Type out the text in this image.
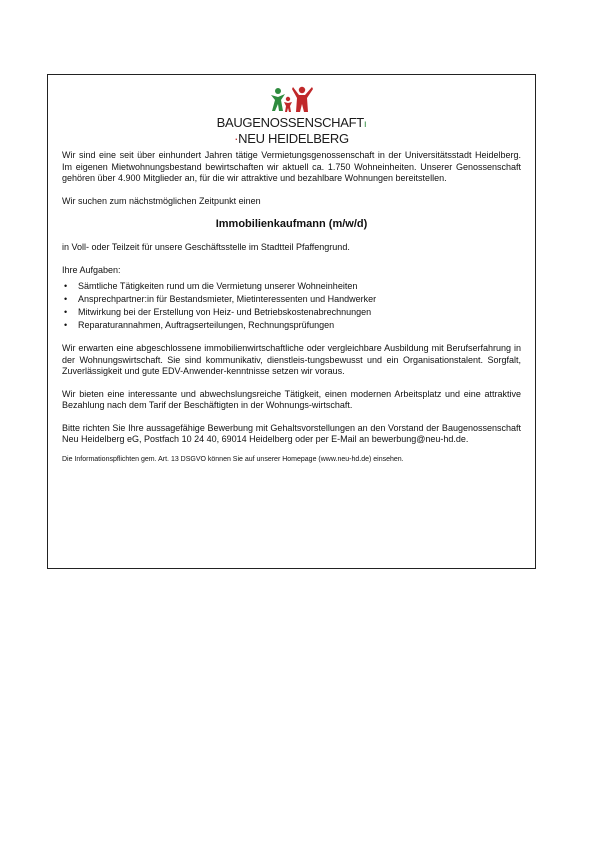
BAUGENOSSENSCHAFTı
·NEU HEIDELBERG

Wir sind eine seit über einhundert Jahren tätige Vermietungsgenossenschaft in der Universitätsstadt Heidelberg. Im eigenen Mietwohnungsbestand bewirtschaften wir aktuell ca. 1.750 Wohneinheiten. Unserer Genossenschaft gehören über 4.900 Mitglieder an, für die wir attraktive und bezahlbare Wohnungen bereitstellen.

Wir suchen zum nächstmöglichen Zeitpunkt einen

Immobilienkaufmann (m/w/d)

in Voll- oder Teilzeit für unsere Geschäftsstelle im Stadtteil Pfaffengrund.

Ihre Aufgaben:

• Sämtliche Tätigkeiten rund um die Vermietung unserer Wohneinheiten
• Ansprechpartner:in für Bestandsmieter, Mietinteressenten und Handwerker
• Mitwirkung bei der Erstellung von Heiz- und Betriebskostenabrechnungen
• Reparaturannahmen, Auftragserteilungen, Rechnungsprüfungen

Wir erwarten eine abgeschlossene immobilienwirtschaftliche oder vergleichbare Ausbildung mit Berufserfahrung in der Wohnungswirtschaft. Sie sind kommunikativ, dienstleis-tungsbewusst und ein Organisationstalent. Sorgfalt, Zuverlässigkeit und gute EDV-Anwender-kenntnisse setzen wir voraus.

Wir bieten eine interessante und abwechslungsreiche Tätigkeit, einen modernen Arbeitsplatz und eine attraktive Bezahlung nach dem Tarif der Beschäftigten in der Wohnungs-wirtschaft.

Bitte richten Sie Ihre aussagefähige Bewerbung mit Gehaltsvorstellungen an den Vorstand der Baugenossenschaft Neu Heidelberg eG, Postfach 10 24 40, 69014 Heidelberg oder per E-Mail an bewerbung@neu-hd.de.

Die Informationspflichten gem. Art. 13 DSGVO können Sie auf unserer Homepage (www.neu-hd.de) einsehen.
